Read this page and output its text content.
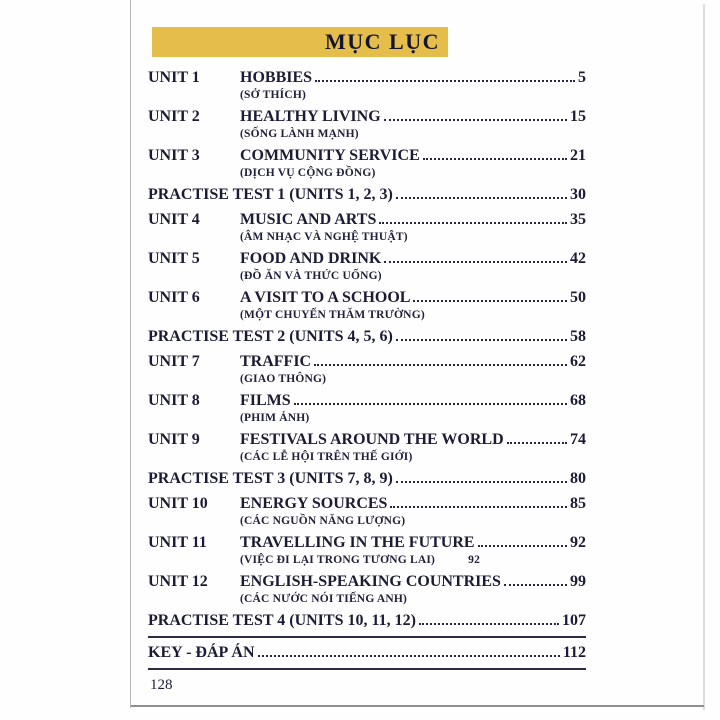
MỤC LỤC
UNIT 1	HOBBIES	5
(SỞ THÍCH)
UNIT 2	HEALTHY LIVING	15
(SỐNG LÀNH MẠNH)
UNIT 3	COMMUNITY SERVICE	21
(DỊCH VỤ CỘNG ĐỒNG)
PRACTISE TEST 1 (UNITS 1, 2, 3)	30
UNIT 4	MUSIC AND ARTS	35
(ÂM NHẠC VÀ NGHỆ THUẬT)
UNIT 5	FOOD AND DRINK	42
(ĐỒ ĂN VÀ THỨC UỐNG)
UNIT 6	A VISIT TO A SCHOOL	50
(MỘT CHUYẾN THĂM TRƯỜNG)
PRACTISE TEST 2 (UNITS 4, 5, 6)	58
UNIT 7	TRAFFIC	62
(GIAO THÔNG)
UNIT 8	FILMS	68
(PHIM ẢNH)
UNIT 9	FESTIVALS AROUND THE WORLD	74
(CÁC LỄ HỘI TRÊN THẾ GIỚI)
PRACTISE TEST 3 (UNITS 7, 8, 9)	80
UNIT 10	ENERGY SOURCES	85
(CÁC NGUỒN NĂNG LƯỢNG)
UNIT 11	TRAVELLING IN THE FUTURE	92
(VIỆC ĐI LẠI TRONG TƯƠNG LAI)	92
UNIT 12	ENGLISH-SPEAKING COUNTRIES	99
(CÁC NƯỚC NÓI TIẾNG ANH)
PRACTISE TEST 4 (UNITS 10, 11, 12)	107
KEY - ĐÁP ÁN	112
128
